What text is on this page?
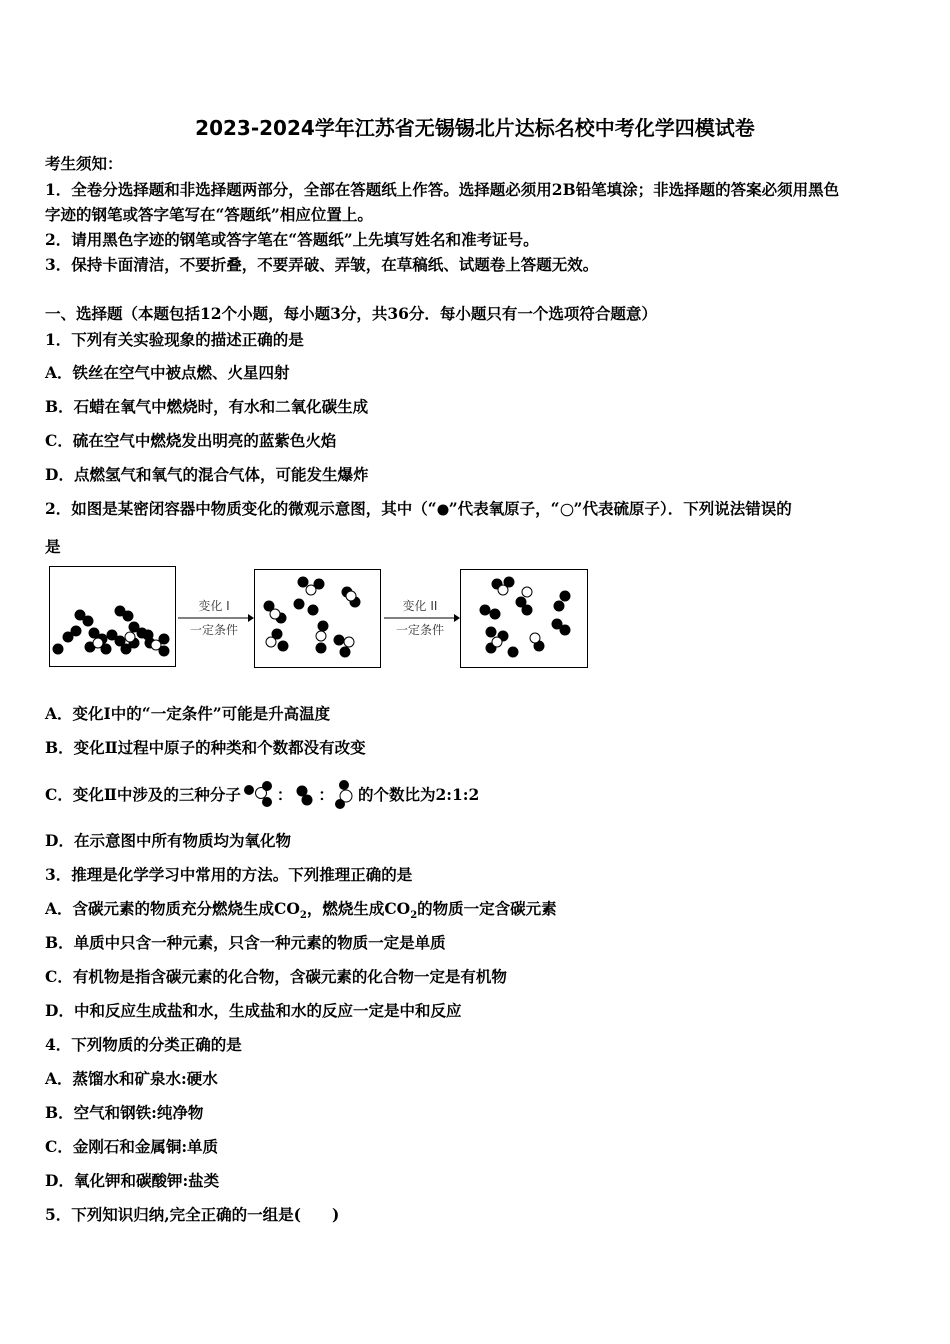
2023-2024学年江苏省无锡锡北片达标名校中考化学四模试卷
考生须知：
1．全卷分选择题和非选择题两部分，全部在答题纸上作答。选择题必须用2B铅笔填涂；非选择题的答案必须用黑色
字迹的钢笔或答字笔写在“答题纸”相应位置上。
2．请用黑色字迹的钢笔或答字笔在“答题纸”上先填写姓名和准考证号。
3．保持卡面清洁，不要折叠，不要弄破、弄皱，在草稿纸、试题卷上答题无效。
一、选择题（本题包括12个小题，每小题3分，共36分．每小题只有一个选项符合题意）
1．下列有关实验现象的描述正确的是
A．铁丝在空气中被点燃、火星四射
B．石蜡在氧气中燃烧时，有水和二氧化碳生成
C．硫在空气中燃烧发出明亮的蓝紫色火焰
D．点燃氢气和氧气的混合气体，可能发生爆炸
2．如图是某密闭容器中物质变化的微观示意图，其中（“ ”代表氧原子，“ ”代表硫原子）．下列说法错误的
是
变化 I
一定条件
变化 II
一定条件
A．变化Ⅰ中的“一定条件”可能是升高温度
B．变化Ⅱ过程中原子的种类和个数都没有改变
C．变化Ⅱ中涉及的三种分子 ： ： 的个数比为2:1:2
D．在示意图中所有物质均为氧化物
3．推理是化学学习中常用的方法。下列推理正确的是
A．含碳元素的物质充分燃烧生成$CO_2$，燃烧生成$CO_2$的物质一定含碳元素
B．单质中只含一种元素，只含一种元素的物质一定是单质
C．有机物是指含碳元素的化合物，含碳元素的化合物一定是有机物
D．中和反应生成盐和水，生成盐和水的反应一定是中和反应
4．下列物质的分类正确的是
A．蒸馏水和矿泉水:硬水
B．空气和钢铁:纯净物
C．金刚石和金属铜:单质
D．氧化钾和碳酸钾:盐类
5．下列知识归纳,完全正确的一组是(　　)
